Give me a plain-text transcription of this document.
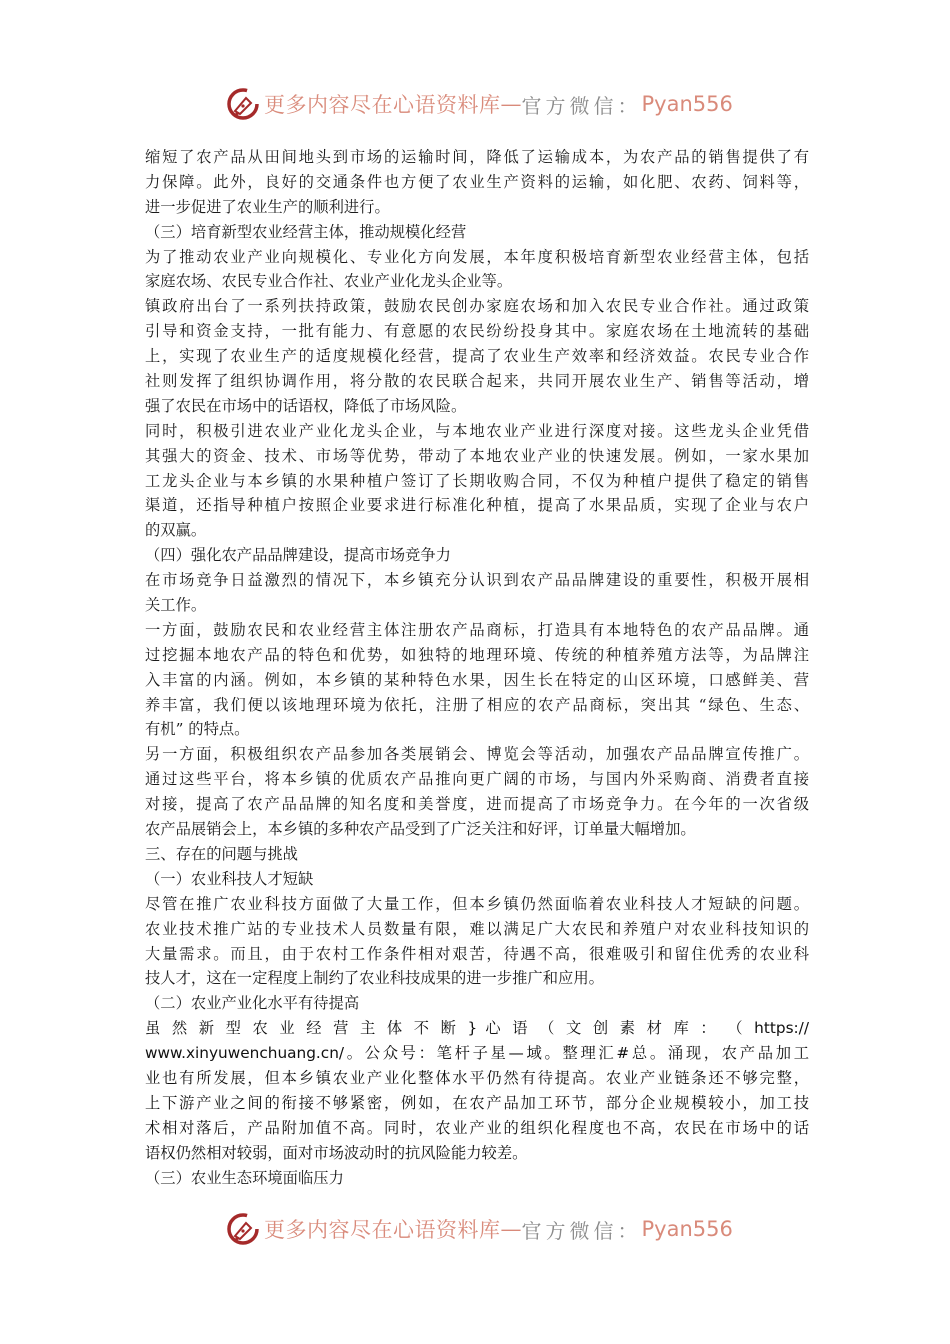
更多内容尽在心语资料库 — 官方微信： Pyan556
缩短了农产品从田间地头到市场的运输时间，降低了运输成本，为农产品的销售提供了有
力保障。此外，良好的交通条件也方便了农业生产资料的运输，如化肥、农药、饲料等，
进一步促进了农业生产的顺利进行。
（三）培育新型农业经营主体，推动规模化经营
为了推动农业产业向规模化、专业化方向发展，本年度积极培育新型农业经营主体，包括
家庭农场、农民专业合作社、农业产业化龙头企业等。
镇政府出台了一系列扶持政策，鼓励农民创办家庭农场和加入农民专业合作社。通过政策
引导和资金支持，一批有能力、有意愿的农民纷纷投身其中。家庭农场在土地流转的基础
上，实现了农业生产的适度规模化经营，提高了农业生产效率和经济效益。农民专业合作
社则发挥了组织协调作用，将分散的农民联合起来，共同开展农业生产、销售等活动，增
强了农民在市场中的话语权，降低了市场风险。
同时，积极引进农业产业化龙头企业，与本地农业产业进行深度对接。这些龙头企业凭借
其强大的资金、技术、市场等优势，带动了本地农业产业的快速发展。例如，一家水果加
工龙头企业与本乡镇的水果种植户签订了长期收购合同，不仅为种植户提供了稳定的销售
渠道，还指导种植户按照企业要求进行标准化种植，提高了水果品质，实现了企业与农户
的双赢。
（四）强化农产品品牌建设，提高市场竞争力
在市场竞争日益激烈的情况下，本乡镇充分认识到农产品品牌建设的重要性，积极开展相
关工作。
一方面，鼓励农民和农业经营主体注册农产品商标，打造具有本地特色的农产品品牌。通
过挖掘本地农产品的特色和优势，如独特的地理环境、传统的种植养殖方法等，为品牌注
入丰富的内涵。例如，本乡镇的某种特色水果，因生长在特定的山区环境，口感鲜美、营
养丰富，我们便以该地理环境为依托，注册了相应的农产品商标，突出其 “绿色、生态、
有机” 的特点。
另一方面，积极组织农产品参加各类展销会、博览会等活动，加强农产品品牌宣传推广。
通过这些平台，将本乡镇的优质农产品推向更广阔的市场，与国内外采购商、消费者直接
对接，提高了农产品品牌的知名度和美誉度，进而提高了市场竞争力。在今年的一次省级
农产品展销会上，本乡镇的多种农产品受到了广泛关注和好评，订单量大幅增加。
三、存在的问题与挑战
（一）农业科技人才短缺
尽管在推广农业科技方面做了大量工作，但本乡镇仍然面临着农业科技人才短缺的问题。
农业技术推广站的专业技术人员数量有限，难以满足广大农民和养殖户对农业科技知识的
大量需求。而且，由于农村工作条件相对艰苦，待遇不高，很难吸引和留住优秀的农业科
技人才，这在一定程度上制约了农业科技成果的进一步推广和应用。
（二）农业产业化水平有待提高
虽 然 新 型 农 业 经 营 主 体 不 断 } 心 语 （ 文 创 素 材 库 ： （ https://
www.xinyuwenchuang.cn/。公众号：笔杆子星—域。整理汇#总。涌现，农产品加工
业也有所发展，但本乡镇农业产业化整体水平仍然有待提高。农业产业链条还不够完整，
上下游产业之间的衔接不够紧密，例如，在农产品加工环节，部分企业规模较小，加工技
术相对落后，产品附加值不高。同时，农业产业的组织化程度也不高，农民在市场中的话
语权仍然相对较弱，面对市场波动时的抗风险能力较差。
（三）农业生态环境面临压力
更多内容尽在心语资料库 — 官方微信： Pyan556
